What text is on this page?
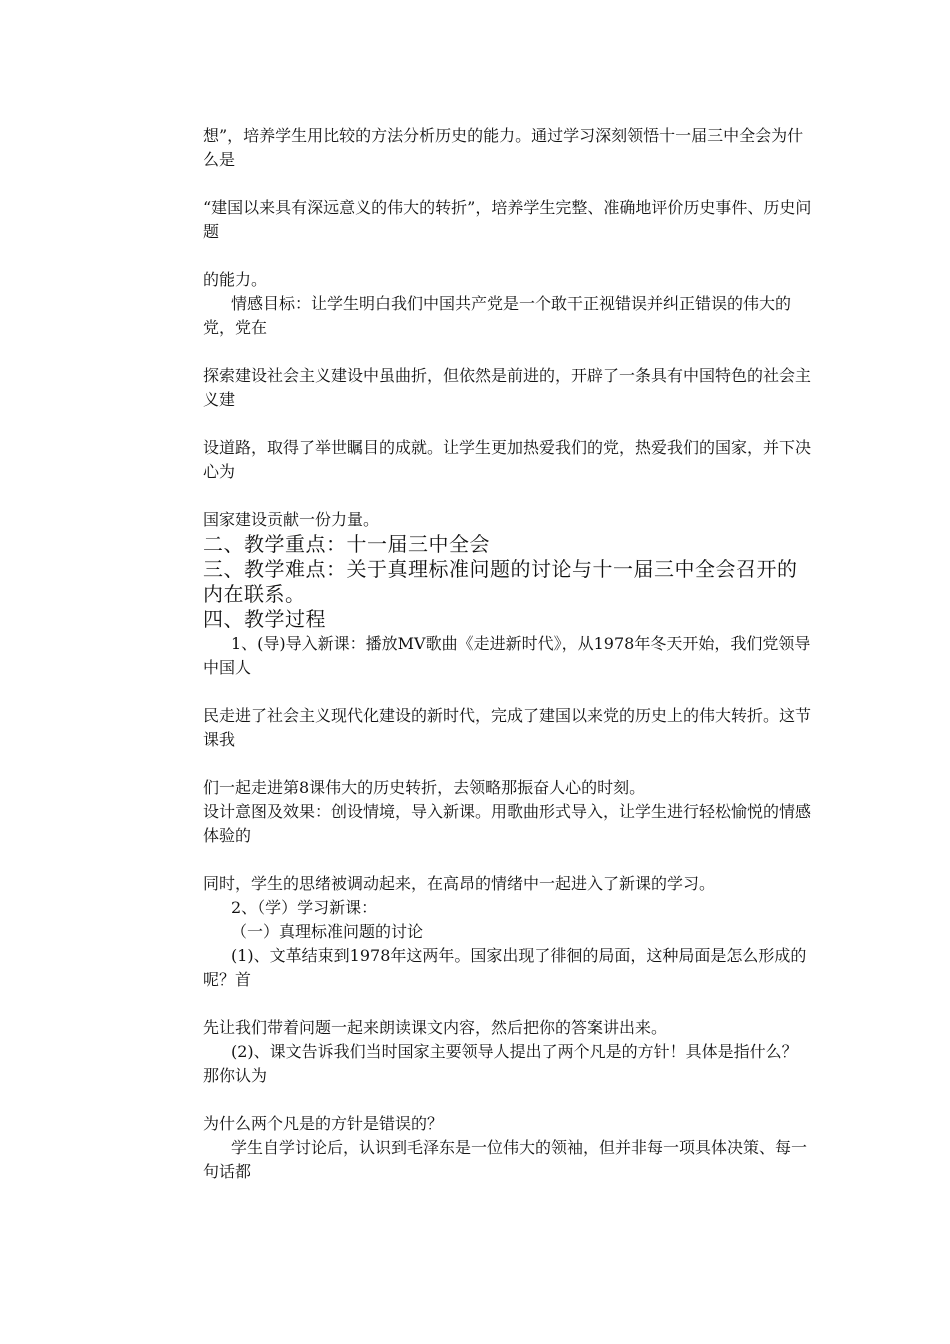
想”，培养学生用比较的方法分析历史的能力。通过学习深刻领悟十一届三中全会为什么是

“建国以来具有深远意义的伟大的转折”，培养学生完整、准确地评价历史事件、历史问题

的能力。

情感目标：让学生明白我们中国共产党是一个敢干正视错误并纠正错误的伟大的党，党在

探索建设社会主义建设中虽曲折，但依然是前进的，开辟了一条具有中国特色的社会主义建

设道路，取得了举世瞩目的成就。让学生更加热爱我们的党，热爱我们的国家，并下决心为

国家建设贡献一份力量。

二、教学重点：十一届三中全会

三、教学难点：关于真理标准问题的讨论与十一届三中全会召开的内在联系。

四、教学过程

1、(导)导入新课：播放MV歌曲《走进新时代》，从1978年冬天开始，我们党领导中国人

民走进了社会主义现代化建设的新时代，完成了建国以来党的历史上的伟大转折。这节课我

们一起走进第8课伟大的历史转折，去领略那振奋人心的时刻。

设计意图及效果：创设情境，导入新课。用歌曲形式导入，让学生进行轻松愉悦的情感体验的

同时，学生的思绪被调动起来，在高昂的情绪中一起进入了新课的学习。

2、（学）学习新课：

（一）真理标准问题的讨论

(1)、文革结束到1978年这两年。国家出现了徘徊的局面，这种局面是怎么形成的呢？首

先让我们带着问题一起来朗读课文内容，然后把你的答案讲出来。

(2)、课文告诉我们当时国家主要领导人提出了两个凡是的方针！具体是指什么？那你认为

为什么两个凡是的方针是错误的？

学生自学讨论后，认识到毛泽东是一位伟大的领袖，但并非每一项具体决策、每一句话都
